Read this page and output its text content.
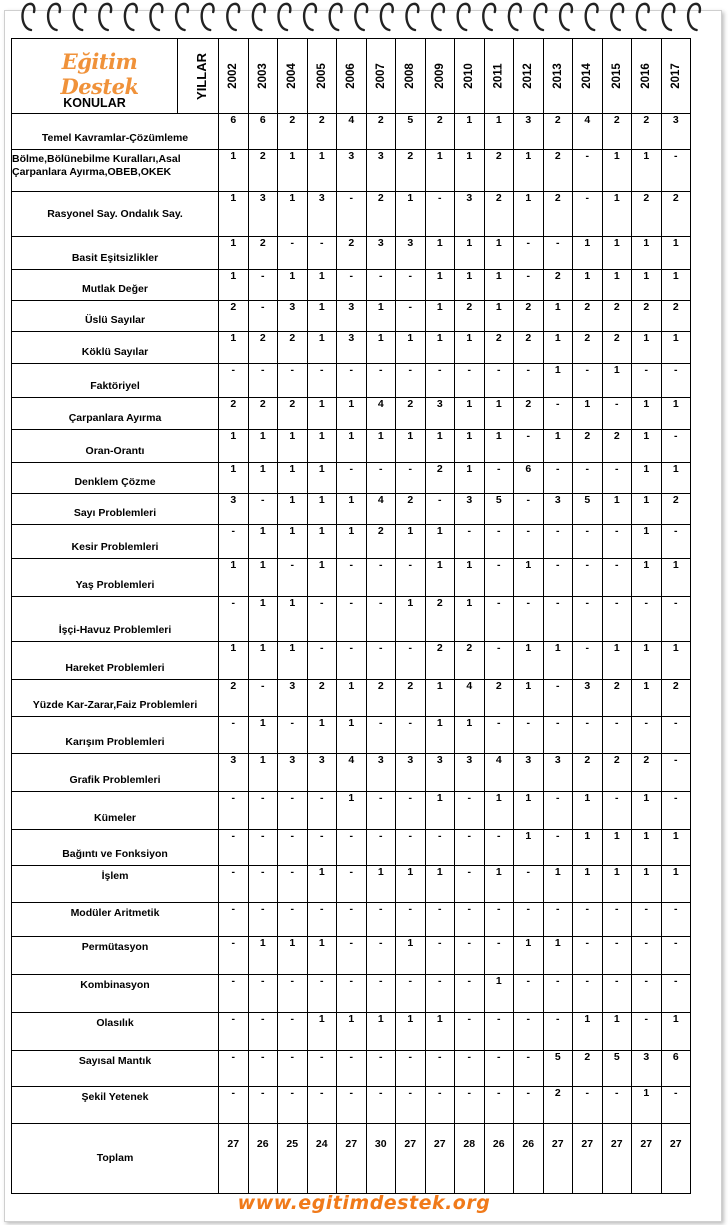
Eğitim Destek
KONULAR	YILLAR	2002	2003	2004	2005	2006	2007	2008	2009	2010	2011	2012	2013	2014	2015	2016	2017
Temel Kavramlar-Çözümleme		6	6	2	2	4	2	5	2	1	1	3	2	4	2	2	3
Bölme,Bölünebilme Kuralları,Asal Çarpanlara Ayırma,OBEB,OKEK		1	2	1	1	3	3	2	1	1	2	1	2	-	1	1	-
Rasyonel Say. Ondalık Say.		1	3	1	3	-	2	1	-	3	2	1	2	-	1	2	2
Basit Eşitsizlikler		1	2	-	-	2	3	3	1	1	1	-	-	1	1	1	1
Mutlak Değer		1	-	1	1	-	-	-	1	1	1	-	2	1	1	1	1
Üslü Sayılar		2	-	3	1	3	1	-	1	2	1	2	1	2	2	2	2
Köklü Sayılar		1	2	2	1	3	1	1	1	1	2	2	1	2	2	1	1
Faktöriyel		-	-	-	-	-	-	-	-	-	-	-	1	-	1	-	-
Çarpanlara Ayırma		2	2	2	1	1	4	2	3	1	1	2	-	1	-	1	1
Oran-Orantı		1	1	1	1	1	1	1	1	1	1	-	1	2	2	1	-
Denklem Çözme		1	1	1	1	-	-	-	2	1	-	6	-	-	-	1	1
Sayı Problemleri		3	-	1	1	1	4	2	-	3	5	-	3	5	1	1	2
Kesir Problemleri		-	1	1	1	1	2	1	1	-	-	-	-	-	-	1	-
Yaş Problemleri		1	1	-	1	-	-	-	1	1	-	1	-	-	-	1	1
İşçi-Havuz Problemleri		-	1	1	-	-	-	1	2	1	-	-	-	-	-	-	-
Hareket Problemleri		1	1	1	-	-	-	-	2	2	-	1	1	-	1	1	1
Yüzde Kar-Zarar,Faiz Problemleri		2	-	3	2	1	2	2	1	4	2	1	-	3	2	1	2
Karışım Problemleri		-	1	-	1	1	-	-	1	1	-	-	-	-	-	-	-
Grafik Problemleri		3	1	3	3	4	3	3	3	3	4	3	3	2	2	2	-
Kümeler		-	-	-	-	1	-	-	1	-	1	1	-	1	-	1	-
Bağıntı ve Fonksiyon		-	-	-	-	-	-	-	-	-	-	1	-	1	1	1	1
İşlem		-	-	-	1	-	1	1	1	-	1	-	1	1	1	1	1
Modüler Aritmetik		-	-	-	-	-	-	-	-	-	-	-	-	-	-	-	-
Permütasyon		-	1	1	1	-	-	1	-	-	-	1	1	-	-	-	-
Kombinasyon		-	-	-	-	-	-	-	-	-	1	-	-	-	-	-	-
Olasılık		-	-	-	1	1	1	1	1	-	-	-	-	1	1	-	1
Sayısal Mantık		-	-	-	-	-	-	-	-	-	-	-	5	2	5	3	6
Şekil Yetenek		-	-	-	-	-	-	-	-	-	-	-	2	-	-	1	-
Toplam		27	26	25	24	27	30	27	27	28	26	26	27	27	27	27	27
www.egitimdestek.org
